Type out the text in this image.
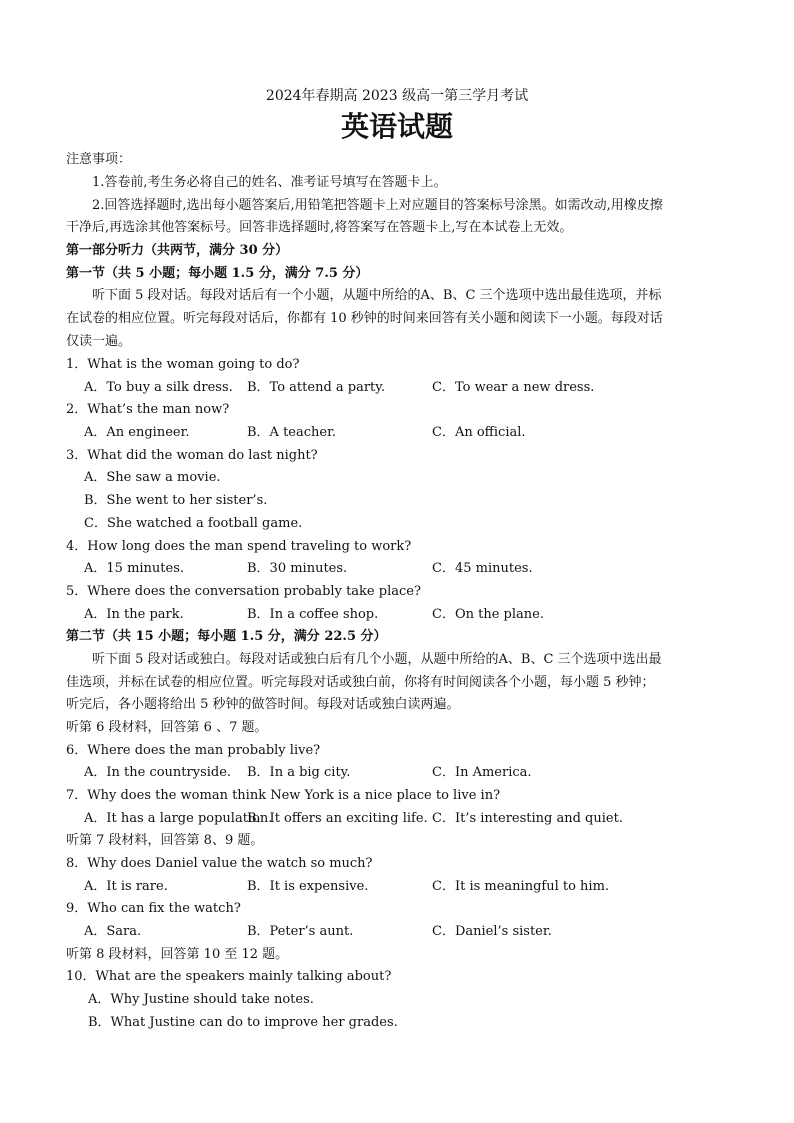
2024年春期高 2023 级高一第三学月考试
英语试题
注意事项：
1.答卷前,考生务必将自己的姓名、准考证号填写在答题卡上。
2.回答选择题时,选出每小题答案后,用铅笔把答题卡上对应题目的答案标号涂黑。如需改动,用橡皮擦
干净后,再选涂其他答案标号。回答非选择题时,将答案写在答题卡上,写在本试卷上无效。
第一部分听力（共两节，满分 30 分）
第一节（共 5 小题；每小题 1.5 分，满分 7.5 分）
听下面 5 段对话。每段对话后有一个小题，从题中所给的A、B、C 三个选项中选出最佳选项，并标
在试卷的相应位置。听完每段对话后，你都有 10 秒钟的时间来回答有关小题和阅读下一小题。每段对话
仅读一遍。
1．What is the woman going to do?
A．To buy a silk dress. B．To attend a party.	C．To wear a new dress.
2．What’s the man now?
A．An engineer.	B．A teacher.	C．An official.
3．What did the woman do last night?
A．She saw a movie.
B．She went to her sister’s.
C．She watched a football game.
4．How long does the man spend traveling to work?
A．15 minutes.	B．30 minutes.	C．45 minutes.
5．Where does the conversation probably take place?
A．In the park.	B．In a coffee shop.	C．On the plane.
第二节（共 15 小题；每小题 1.5 分，满分 22.5 分）
听下面 5 段对话或独白。每段对话或独白后有几个小题，从题中所给的A、B、C 三个选项中选出最
佳选项，并标在试卷的相应位置。听完每段对话或独白前，你将有时间阅读各个小题，每小题 5 秒钟；
听完后，各小题将给出 5 秒钟的做答时间。每段对话或独白读两遍。
听第 6 段材料，回答第 6 、7 题。
6．Where does the man probably live?
A．In the countryside. B．In a big city.	C．In America.
7．Why does the woman think New York is a nice place to live in?
A．It has a large population.
B．It offers an exciting life. C．It’s interesting and quiet.
听第 7 段材料，回答第 8、9 题。
8．Why does Daniel value the watch so much?
A．It is rare.	B．It is expensive.	C．It is meaningful to him.
9．Who can fix the watch?
A．Sara.	B．Peter’s aunt.	C．Daniel’s sister.
听第 8 段材料，回答第 10 至 12 题。
10．What are the speakers mainly talking about?
A．Why Justine should take notes.
B．What Justine can do to improve her grades.
